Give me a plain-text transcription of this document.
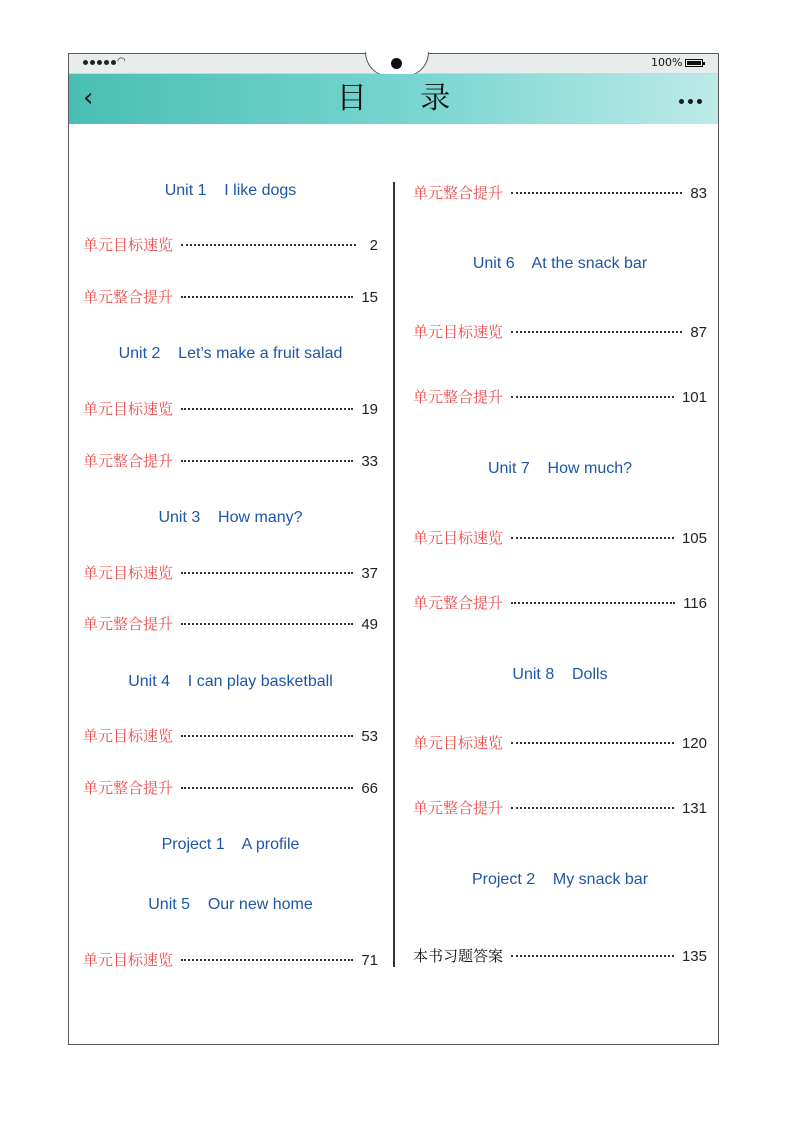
◠	100%
‹	目 录
Unit 1    I like dogs
单元目标速览	2
单元整合提升	15
Unit 2    Let’s make a fruit salad
单元目标速览	19
单元整合提升	33
Unit 3    How many?
单元目标速览	37
单元整合提升	49
Unit 4    I can play basketball
单元目标速览	53
单元整合提升	66
Project 1    A profile
Unit 5    Our new home
单元目标速览	71
单元整合提升	83
Unit 6    At the snack bar
单元目标速览	87
单元整合提升	101
Unit 7    How much?
单元目标速览	105
单元整合提升	116
Unit 8    Dolls
单元目标速览	120
单元整合提升	131
Project 2    My snack bar
本书习题答案	135
